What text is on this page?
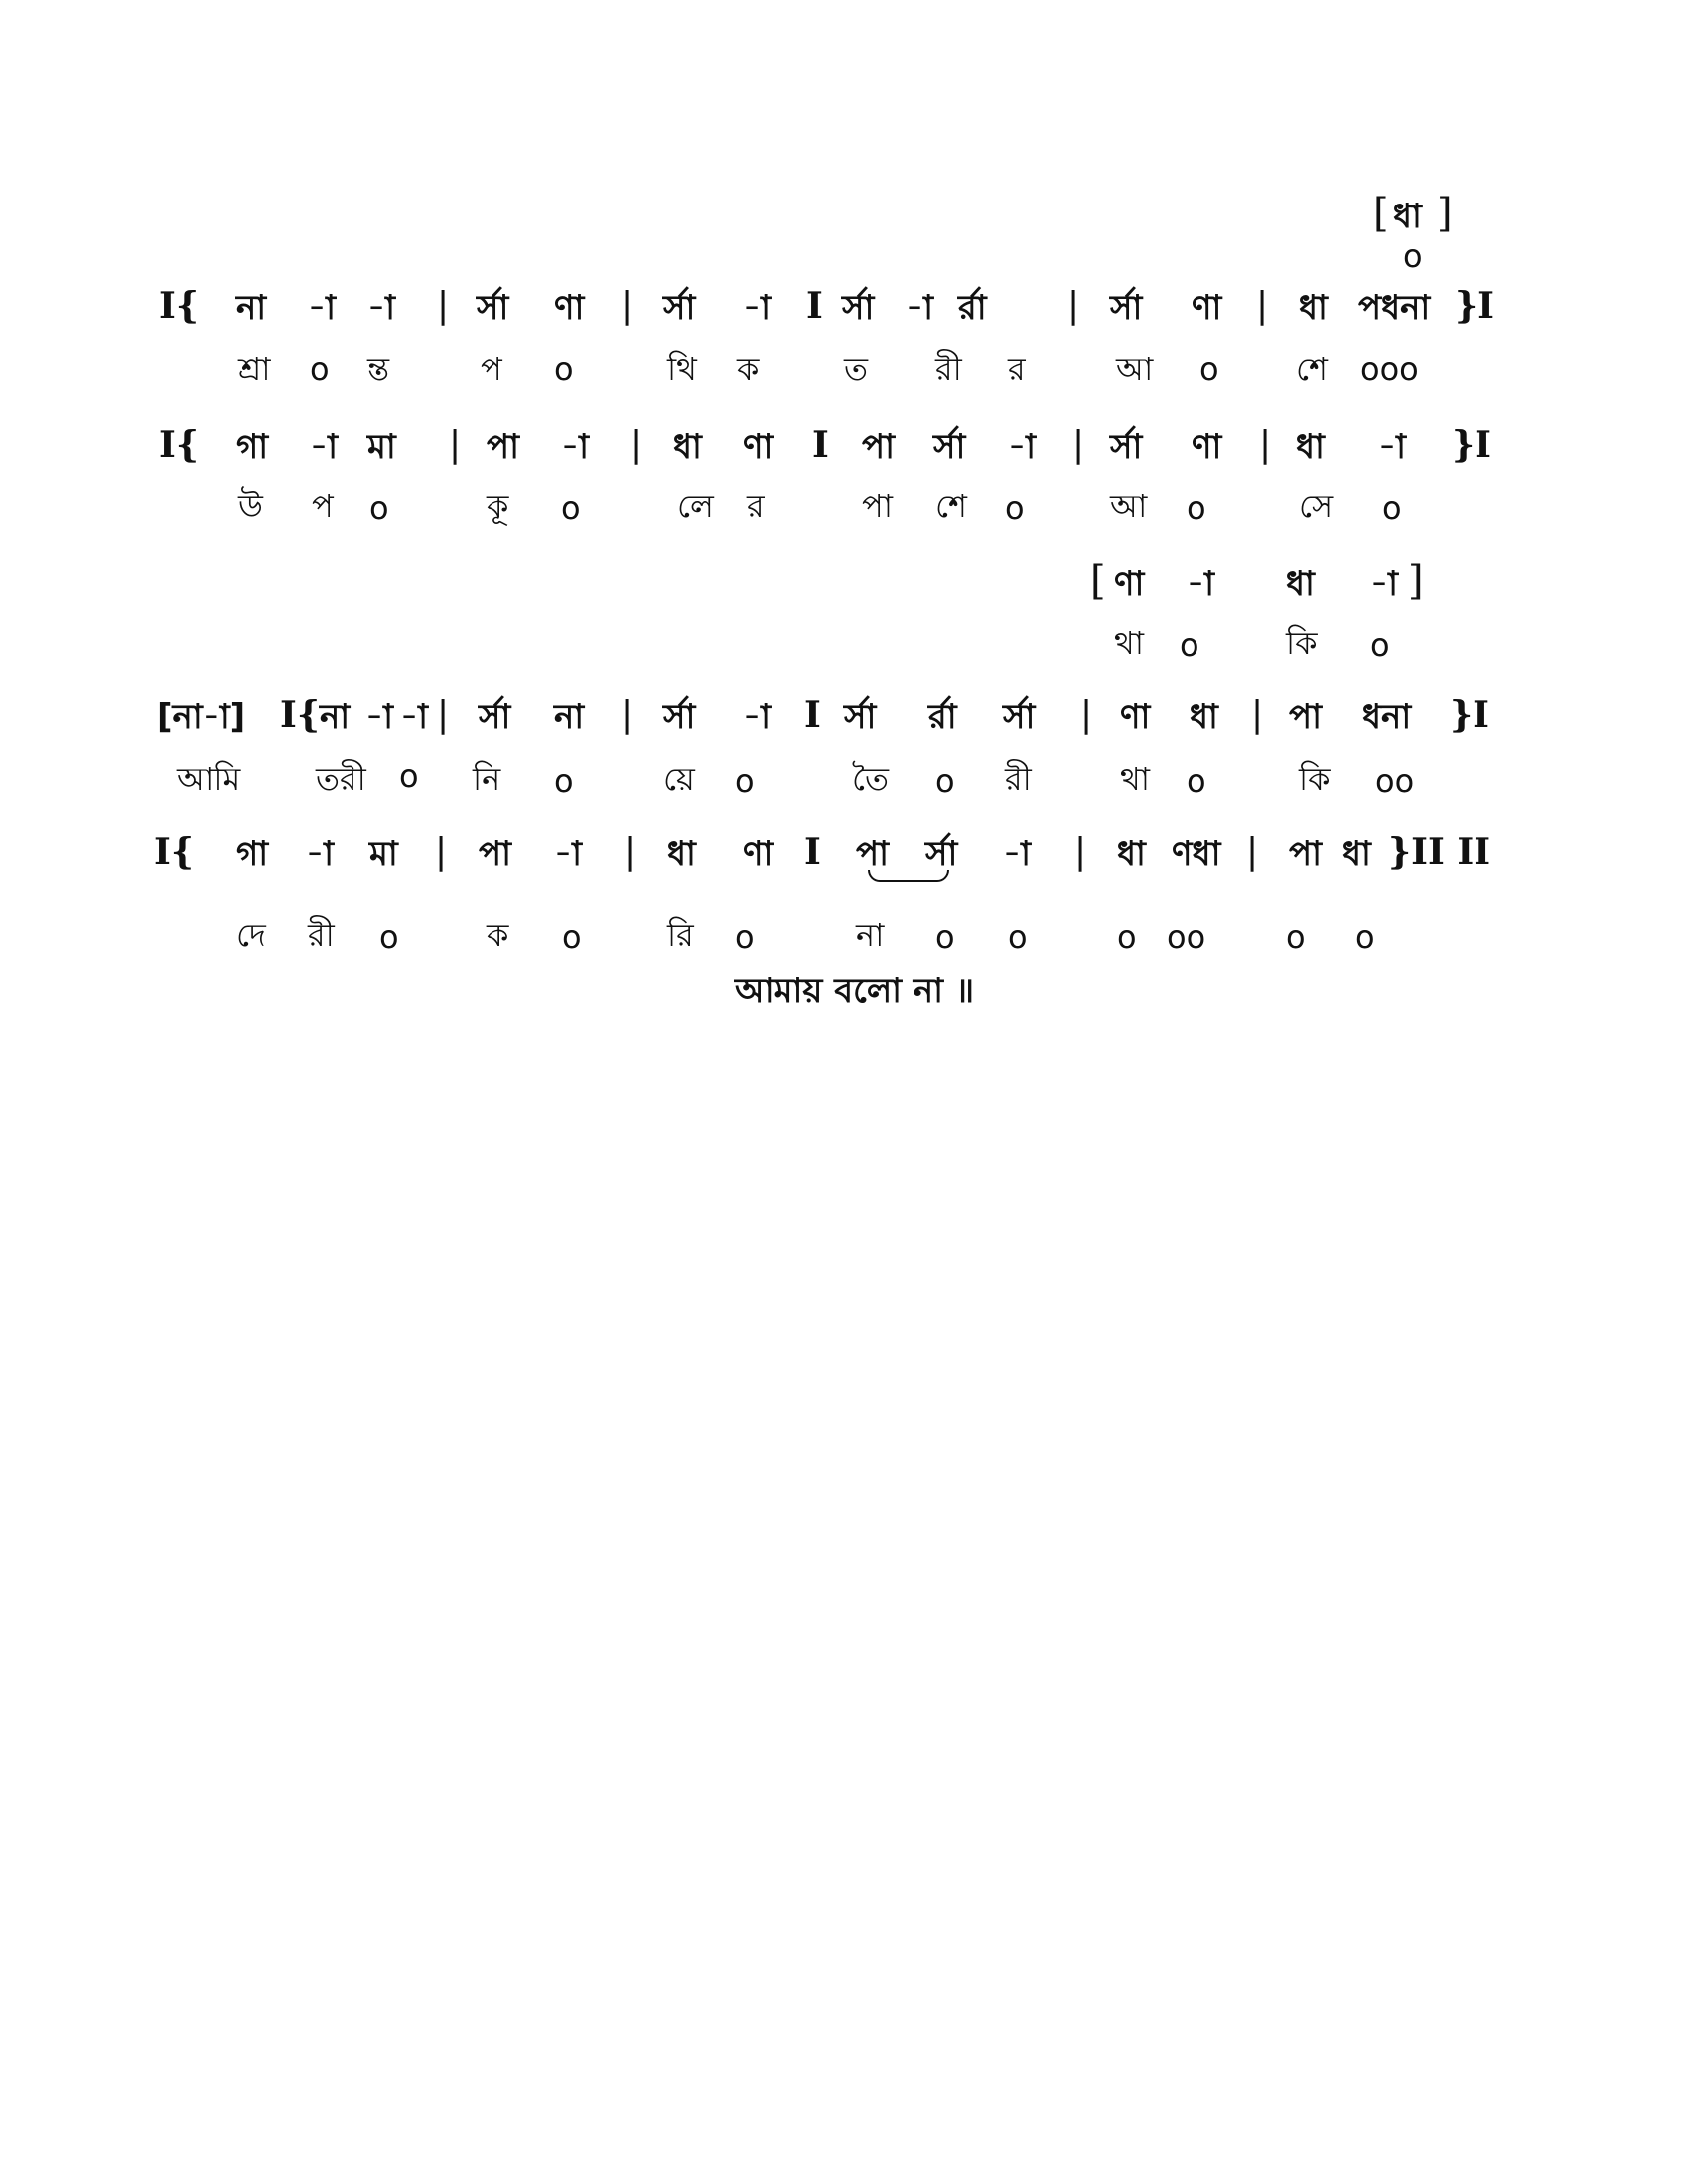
[ ধা ]
o
I{ না -া -া | র্সা ণা | র্সা -া I র্সা -া র্রা | র্সা ণা | ধা পধনা }I
শ্রা o ন্ত	প o	থি ক	ত রী র	আ o শে ooo
I{ গা -া মা | পা -া | ধা ণা I পা র্সা -া | র্সা ণা | ধা -া }I
উ প o	কূ o	লে র	পা শে o	আ o	সে o
[ ণা -া ধা -া ]
থা o	কি o
[না-া] I{ না -া -া | র্সা না | র্সা -া I র্সা র্রা র্সা | ণা ধা | পা ধনা }I
আমি তরী o নি o	য়ে o	তৈ o রী	থা o	কি oo
I{ গা -া মা | পা -া | ধা ণা I পা র্সা -া | ধা ণধা | পা ধা }II II
দে রী o	ক o	রি o	না o o	o oo	o o
আমায় বলো না ॥
